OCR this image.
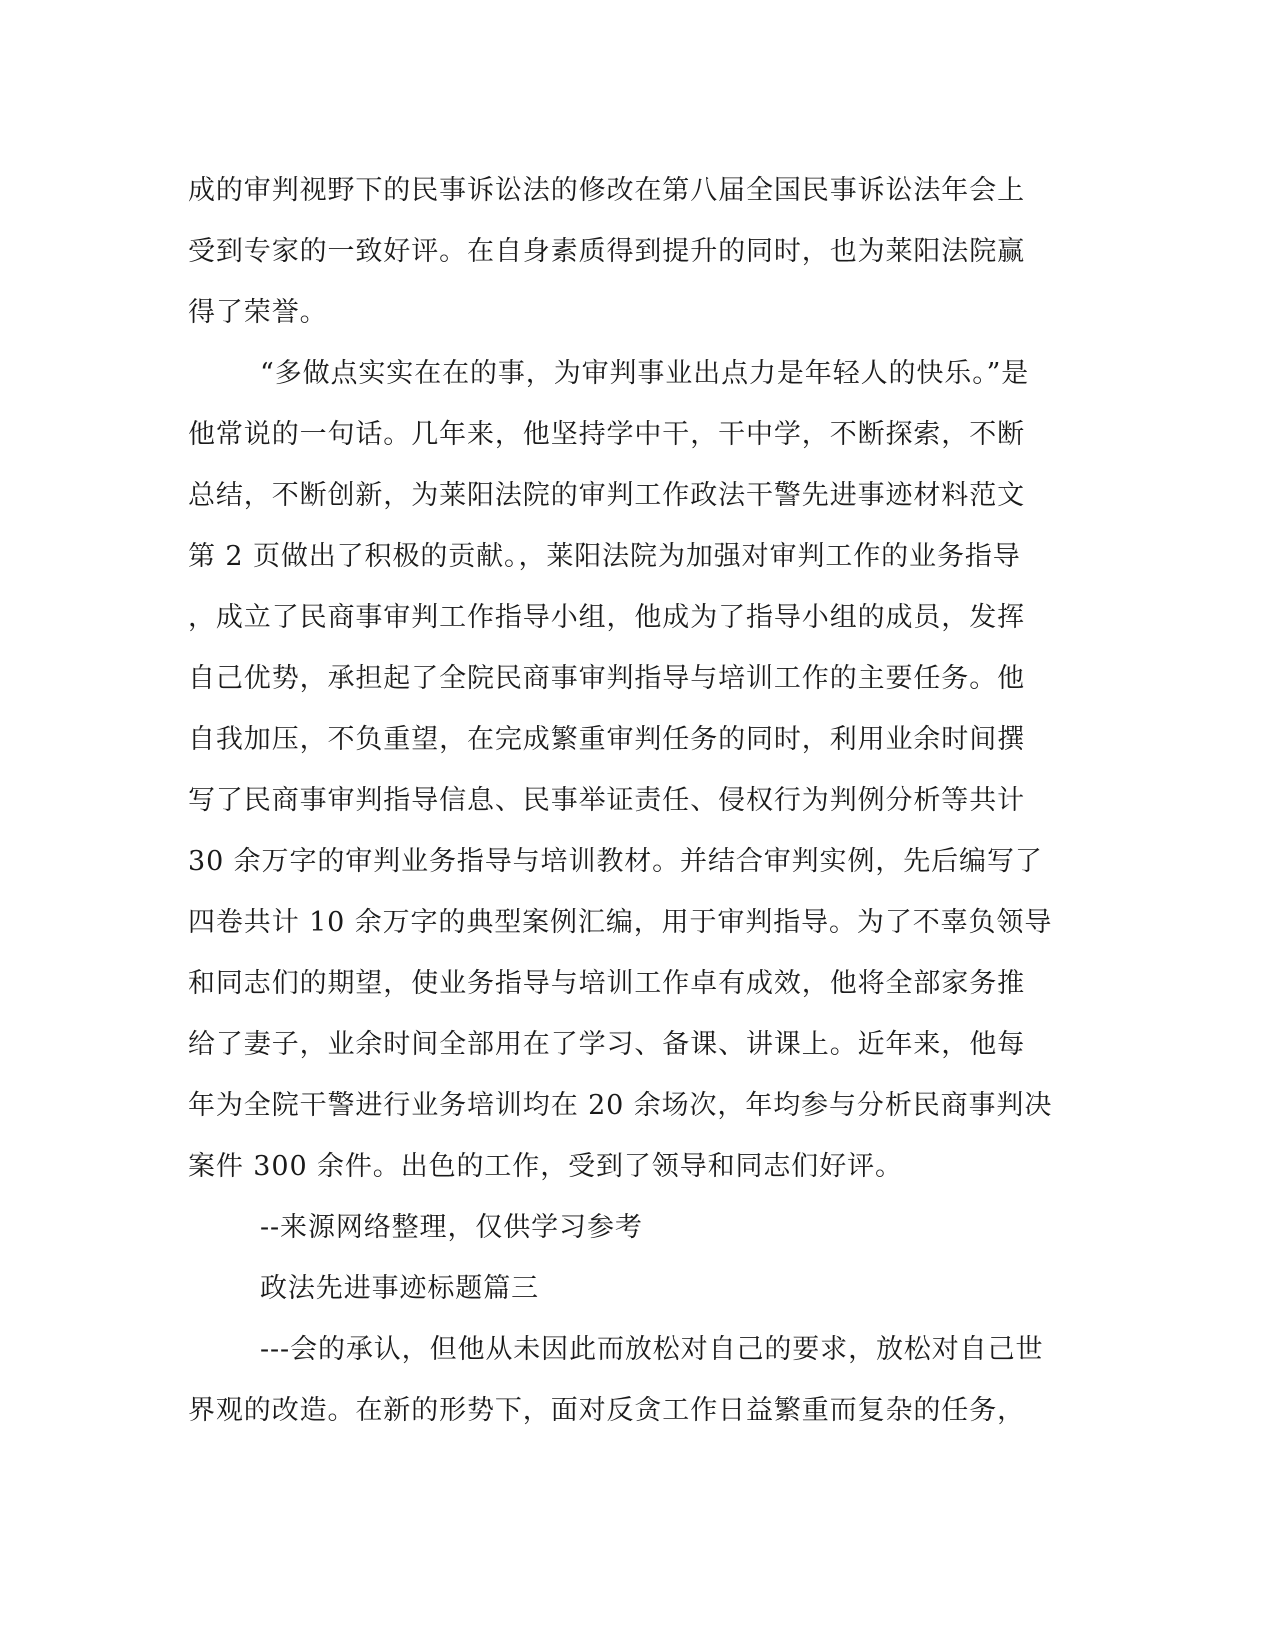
成的审判视野下的民事诉讼法的修改在第八届全国民事诉讼法年会上
受到专家的一致好评。在自身素质得到提升的同时，也为莱阳法院赢
得了荣誉。
“多做点实实在在的事，为审判事业出点力是年轻人的快乐。”是
他常说的一句话。几年来，他坚持学中干，干中学，不断探索，不断
总结，不断创新，为莱阳法院的审判工作政法干警先进事迹材料范文
第 2 页做出了积极的贡献。，莱阳法院为加强对审判工作的业务指导
，成立了民商事审判工作指导小组，他成为了指导小组的成员，发挥
自己优势，承担起了全院民商事审判指导与培训工作的主要任务。他
自我加压，不负重望，在完成繁重审判任务的同时，利用业余时间撰
写了民商事审判指导信息、民事举证责任、侵权行为判例分析等共计
30 余万字的审判业务指导与培训教材。并结合审判实例，先后编写了
四卷共计 10 余万字的典型案例汇编，用于审判指导。为了不辜负领导
和同志们的期望，使业务指导与培训工作卓有成效，他将全部家务推
给了妻子，业余时间全部用在了学习、备课、讲课上。近年来，他每
年为全院干警进行业务培训均在 20 余场次，年均参与分析民商事判决
案件 300 余件。出色的工作，受到了领导和同志们好评。
--来源网络整理，仅供学习参考
政法先进事迹标题篇三
---会的承认，但他从未因此而放松对自己的要求，放松对自己世
界观的改造。在新的形势下，面对反贪工作日益繁重而复杂的任务，
